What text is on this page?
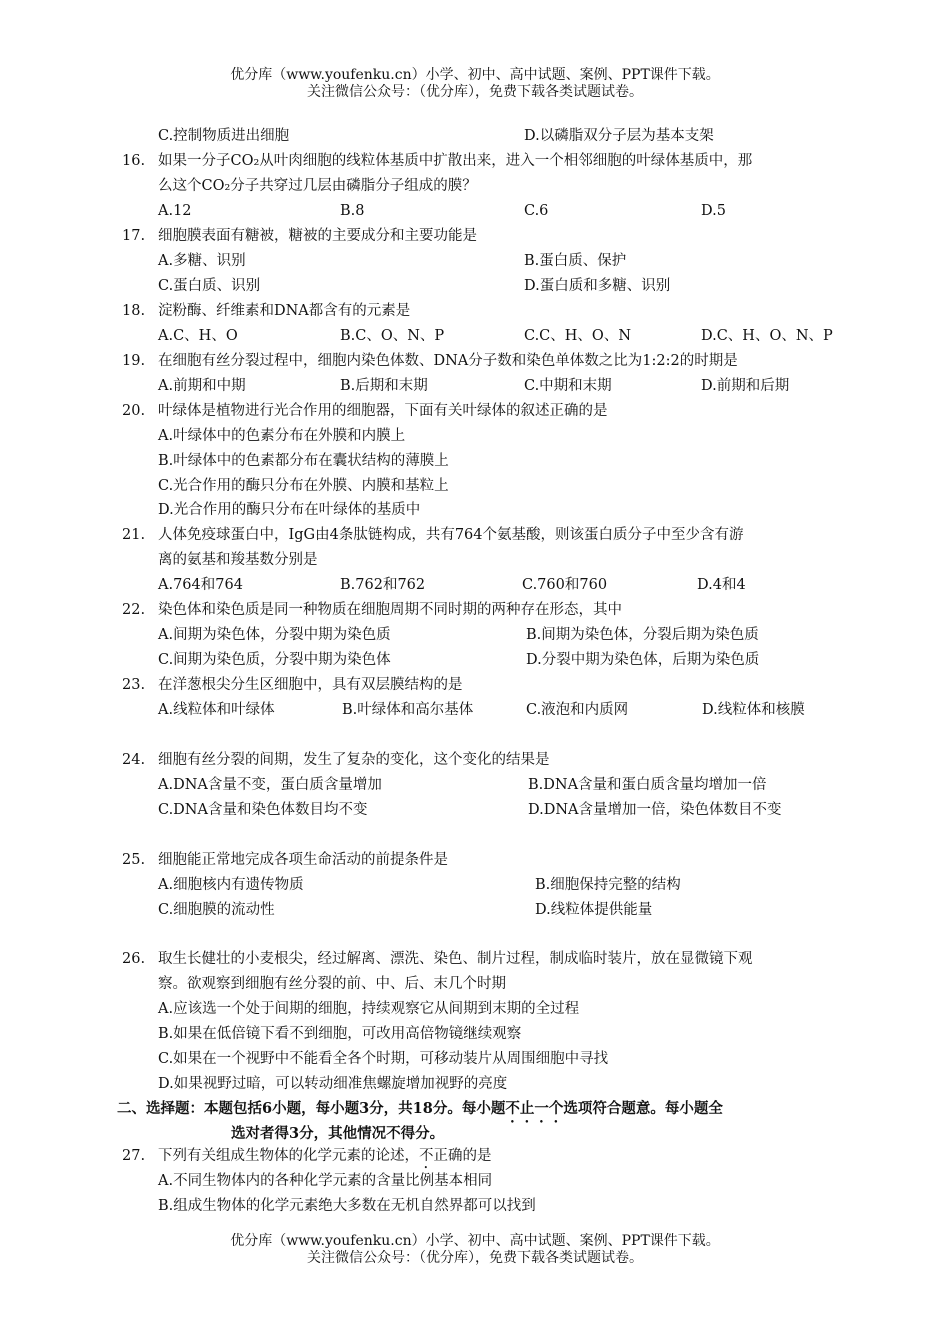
优分库（www.youfenku.cn）小学、初中、高中试题、案例、PPT课件下载。
关注微信公众号：（优分库），免费下载各类试题试卷。
C.控制物质进出细胞	D.以磷脂双分子层为基本支架
16. 如果一分子CO₂从叶肉细胞的线粒体基质中扩散出来，进入一个相邻细胞的叶绿体基质中，那
么这个CO₂分子共穿过几层由磷脂分子组成的膜？
A.12	B.8	C.6	D.5
17. 细胞膜表面有糖被，糖被的主要成分和主要功能是
A.多糖、识别	B.蛋白质、保护
C.蛋白质、识别	D.蛋白质和多糖、识别
18. 淀粉酶、纤维素和DNA都含有的元素是
A.C、H、O	B.C、O、N、P	C.C、H、O、N	D.C、H、O、N、P
19. 在细胞有丝分裂过程中，细胞内染色体数、DNA分子数和染色单体数之比为1:2:2的时期是
A.前期和中期	B.后期和末期	C.中期和末期	D.前期和后期
20. 叶绿体是植物进行光合作用的细胞器，下面有关叶绿体的叙述正确的是
A.叶绿体中的色素分布在外膜和内膜上
B.叶绿体中的色素都分布在囊状结构的薄膜上
C.光合作用的酶只分布在外膜、内膜和基粒上
D.光合作用的酶只分布在叶绿体的基质中
21. 人体免疫球蛋白中，IgG由4条肽链构成，共有764个氨基酸，则该蛋白质分子中至少含有游
离的氨基和羧基数分别是
A.764和764	B.762和762	C.760和760	D.4和4
22. 染色体和染色质是同一种物质在细胞周期不同时期的两种存在形态，其中
A.间期为染色体，分裂中期为染色质	B.间期为染色体，分裂后期为染色质
C.间期为染色质，分裂中期为染色体	D.分裂中期为染色体，后期为染色质
23. 在洋葱根尖分生区细胞中，具有双层膜结构的是
A.线粒体和叶绿体	B.叶绿体和高尔基体	C.液泡和内质网	D.线粒体和核膜
24. 细胞有丝分裂的间期，发生了复杂的变化，这个变化的结果是
A.DNA含量不变，蛋白质含量增加	B.DNA含量和蛋白质含量均增加一倍
C.DNA含量和染色体数目均不变	D.DNA含量增加一倍，染色体数目不变
25. 细胞能正常地完成各项生命活动的前提条件是
A.细胞核内有遗传物质	B.细胞保持完整的结构
C.细胞膜的流动性	D.线粒体提供能量
26. 取生长健壮的小麦根尖，经过解离、漂洗、染色、制片过程，制成临时装片，放在显微镜下观
察。欲观察到细胞有丝分裂的前、中、后、末几个时期
A.应该选一个处于间期的细胞，持续观察它从间期到末期的全过程
B.如果在低倍镜下看不到细胞，可改用高倍物镜继续观察
C.如果在一个视野中不能看全各个时期，可移动装片从周围细胞中寻找
D.如果视野过暗，可以转动细准焦螺旋增加视野的亮度
二、选择题：本题包括6小题，每小题3分，共18分。每小题不止一个选项符合题意。每小题全
选对者得3分，其他情况不得分。
27. 下列有关组成生物体的化学元素的论述，不正确的是
A.不同生物体内的各种化学元素的含量比例基本相同
B.组成生物体的化学元素绝大多数在无机自然界都可以找到
优分库（www.youfenku.cn）小学、初中、高中试题、案例、PPT课件下载。
关注微信公众号：（优分库），免费下载各类试题试卷。
